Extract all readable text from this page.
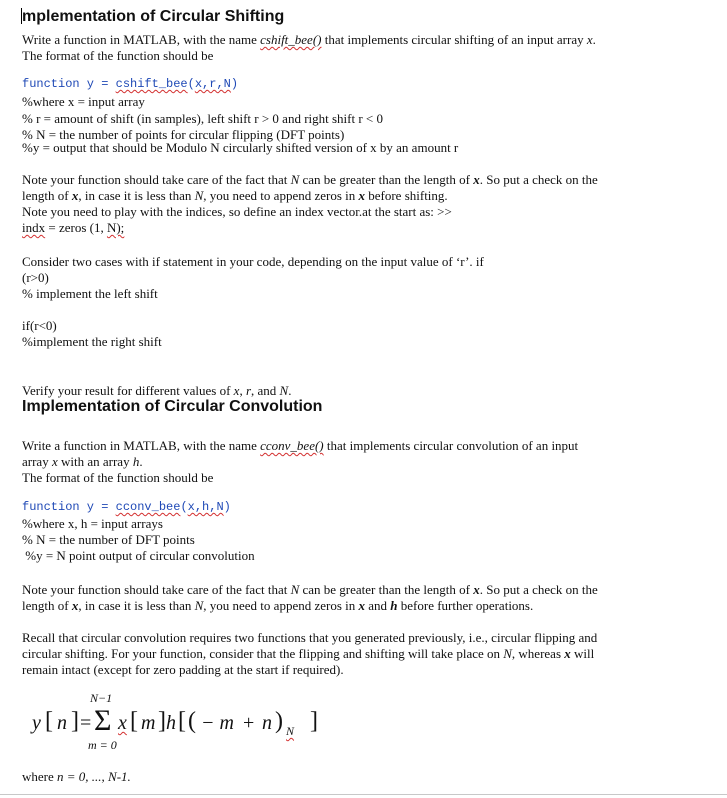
mplementation of Circular Shifting
Write a function in MATLAB, with the name cshift_bee() that implements circular shifting of an input array x.
The format of the function should be
function y = cshift_bee(x,r,N)
%where x = input array
% r = amount of shift (in samples), left shift r > 0 and right shift r < 0
% N = the number of points for circular flipping (DFT points)
%y = output that should be Modulo N circularly shifted version of x by an amount r
Note your function should take care of the fact that N can be greater than the length of x. So put a check on the
length of x, in case it is less than N, you need to append zeros in x before shifting.
Note you need to play with the indices, so define an index vector.at the start as: >>
indx = zeros (1, N);
Consider two cases with if statement in your code, depending on the input value of ‘r’. if
(r>0)
% implement the left shift
if(r<0)
%implement the right shift
Verify your result for different values of x, r, and N.
Implementation of Circular Convolution
Write a function in MATLAB, with the name cconv_bee() that implements circular convolution of an input
array x with an array h.
The format of the function should be
function y = cconv_bee(x,h,N)
%where x, h = input arrays
% N = the number of DFT points
%y = N point output of circular convolution
Note your function should take care of the fact that N can be greater than the length of x. So put a check on the
length of x, in case it is less than N, you need to append zeros in x and h before further operations.
Recall that circular convolution requires two functions that you generated previously, i.e., circular flipping and
circular shifting. For your function, consider that the flipping and shifting will take place on N, whereas x will
remain intact (except for zero padding at the start if required).
N−1
y [ n ] = Σ x [ m ] h [ ( − m + n ) N ]
m = 0
where n = 0, ..., N-1.
